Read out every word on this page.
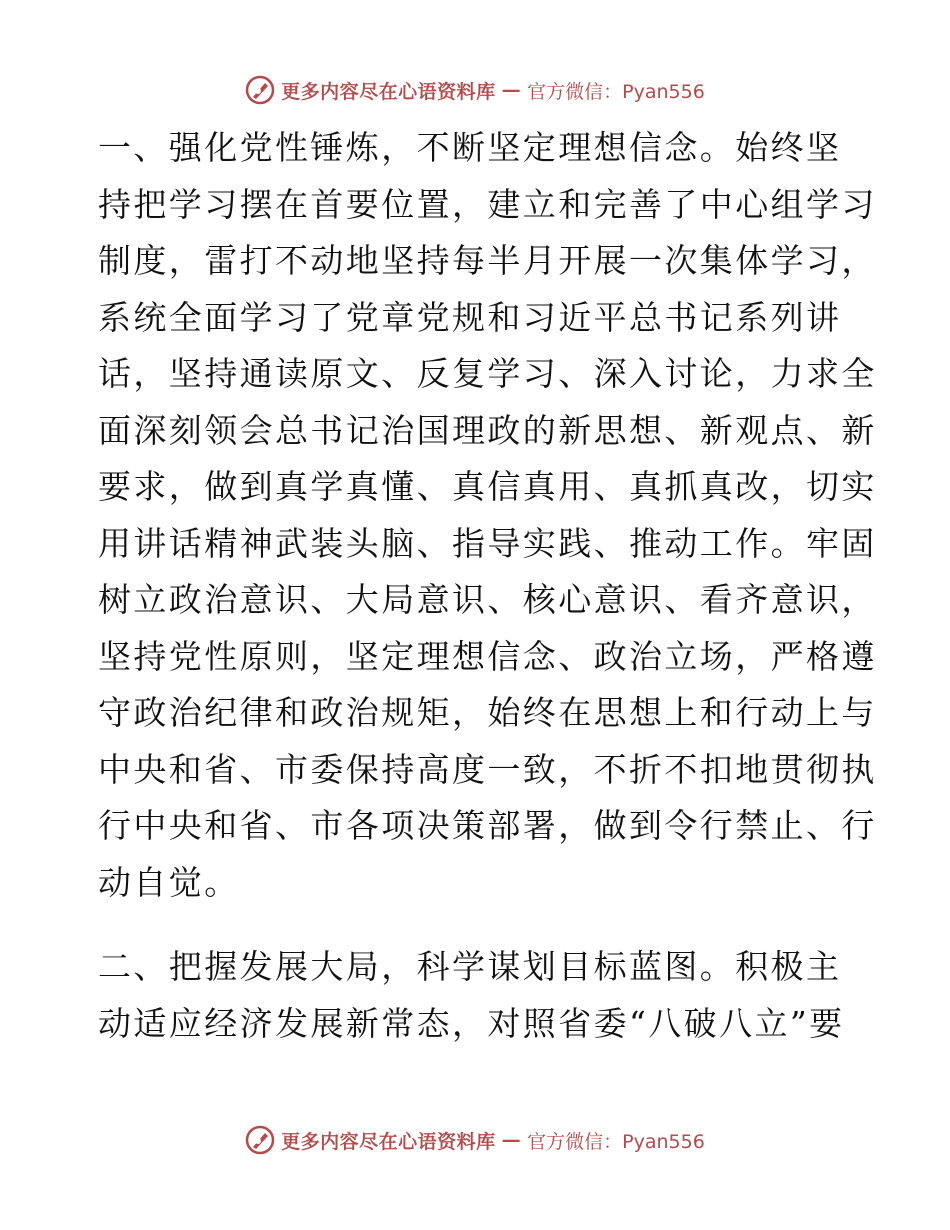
更多内容尽在心语资料库 — 官方微信：Pyan556

一、强化党性锤炼，不断坚定理想信念。始终坚
持把学习摆在首要位置，建立和完善了中心组学习
制度，雷打不动地坚持每半月开展一次集体学习，
系统全面学习了党章党规和习近平总书记系列讲
话，坚持通读原文、反复学习、深入讨论，力求全
面深刻领会总书记治国理政的新思想、新观点、新
要求，做到真学真懂、真信真用、真抓真改，切实
用讲话精神武装头脑、指导实践、推动工作。牢固
树立政治意识、大局意识、核心意识、看齐意识，
坚持党性原则，坚定理想信念、政治立场，严格遵
守政治纪律和政治规矩，始终在思想上和行动上与
中央和省、市委保持高度一致，不折不扣地贯彻执
行中央和省、市各项决策部署，做到令行禁止、行
动自觉。

二、把握发展大局，科学谋划目标蓝图。积极主
动适应经济发展新常态，对照省委“八破八立”要

更多内容尽在心语资料库 — 官方微信：Pyan556
